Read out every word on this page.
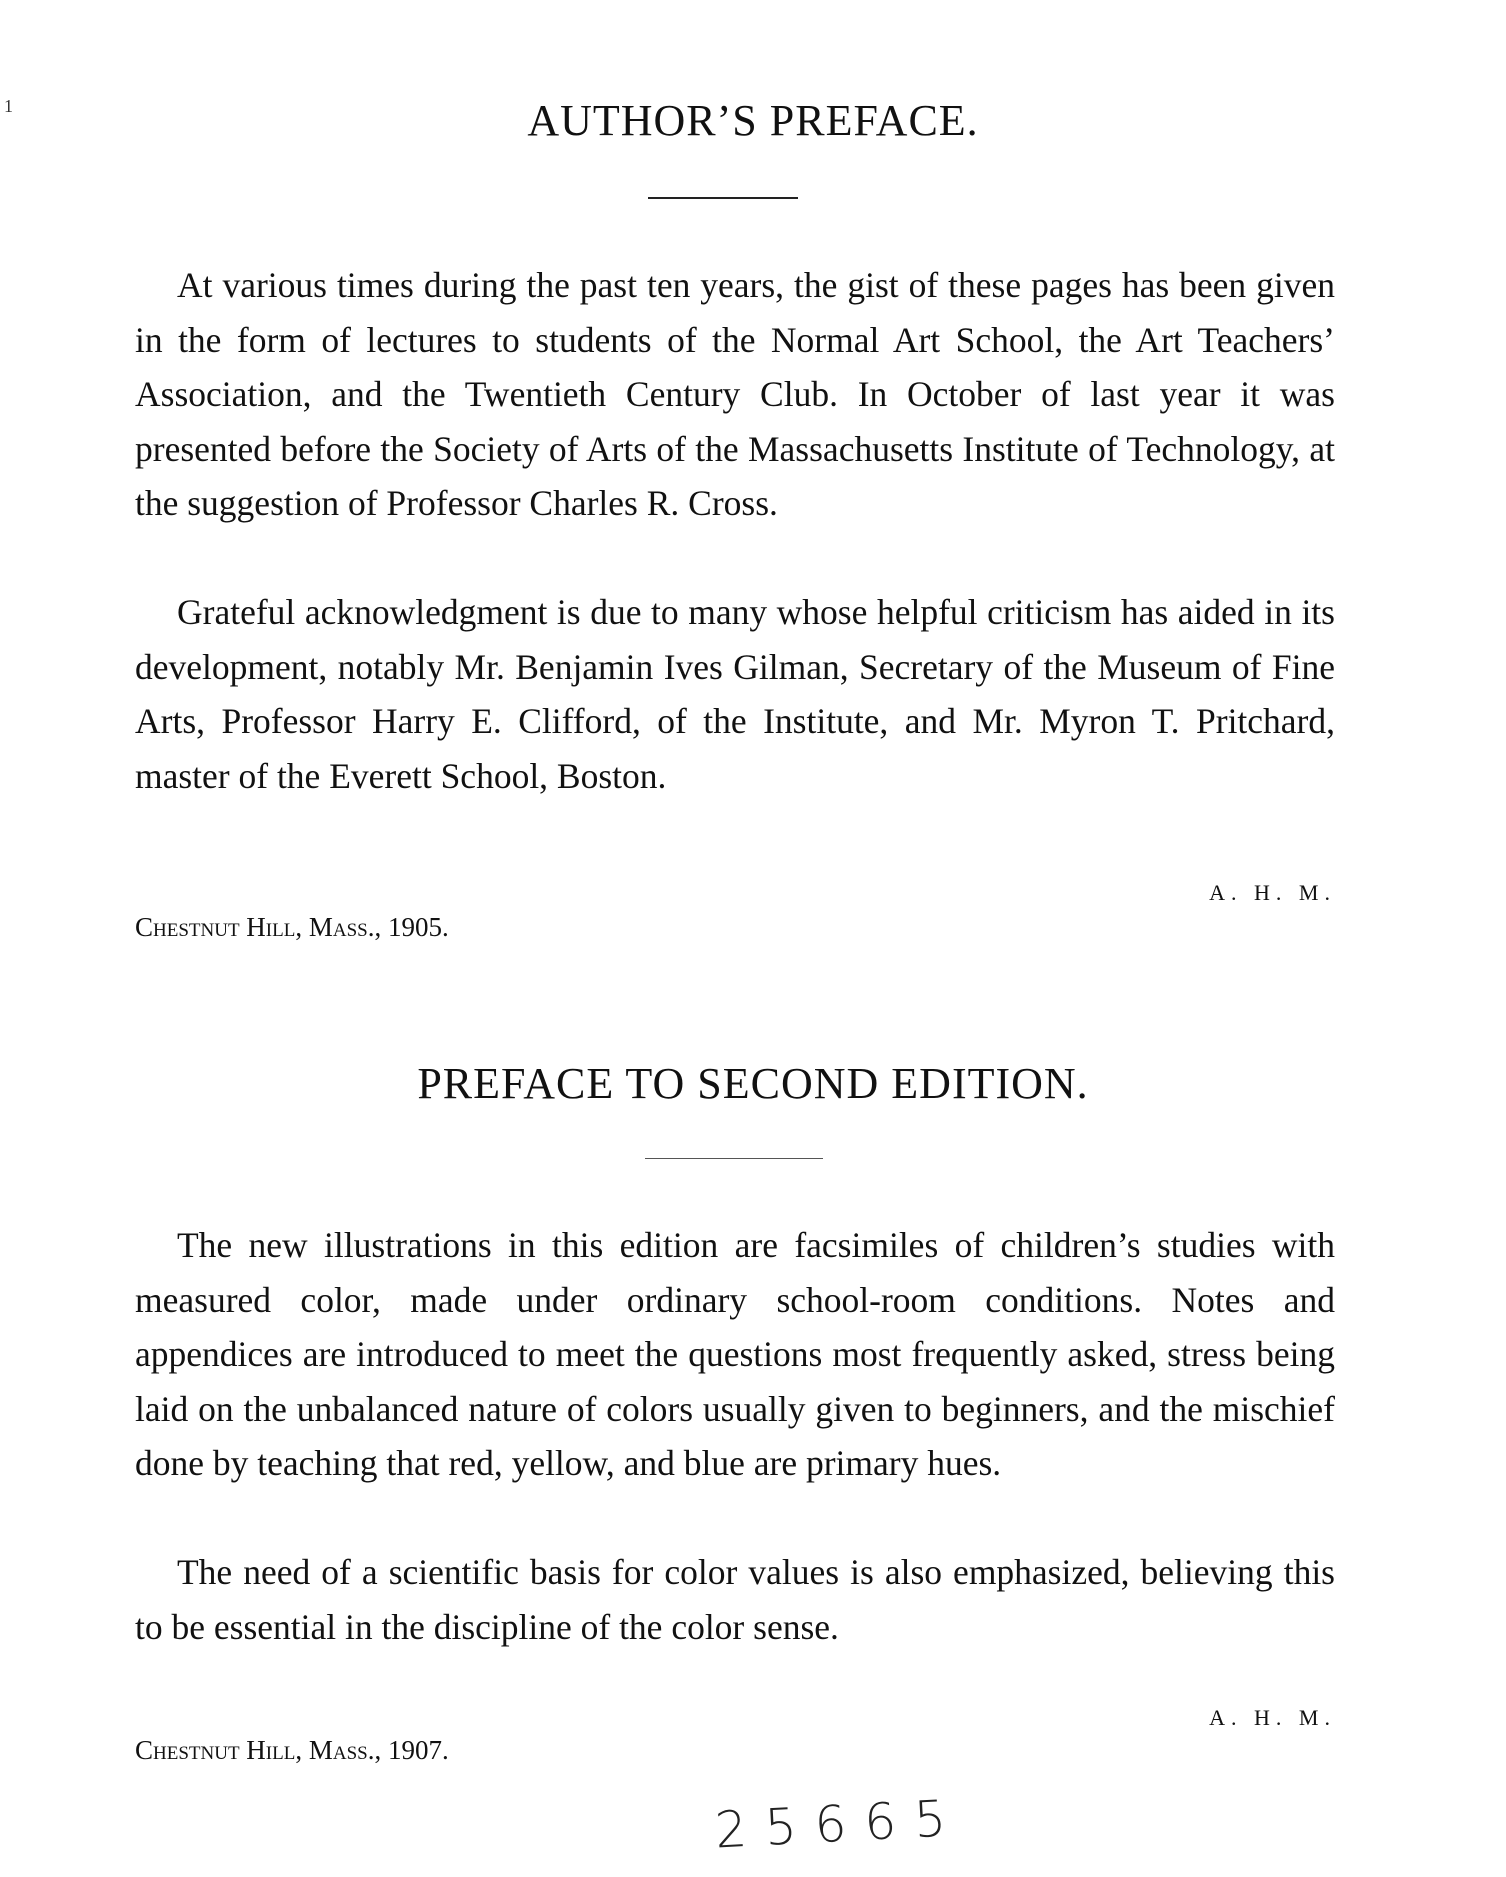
1	AUTHOR’S PREFACE.

At various times during the past ten years, the gist of these pages has been given in the form of lectures to students of the Normal Art School, the Art Teachers’ Association, and the Twentieth Century Club. In October of last year it was presented before the Society of Arts of the Massachusetts Institute of Technology, at the suggestion of Professor Charles R. Cross.

Grateful acknowledgment is due to many whose helpful criticism has aided in its development, notably Mr. Benjamin Ives Gilman, Secretary of the Museum of Fine Arts, Professor Harry E. Clifford, of the Institute, and Mr. Myron T. Pritchard, master of the Everett School, Boston.

A. H. M.
Chestnut Hill, Mass., 1905.
PREFACE TO SECOND EDITION.

The new illustrations in this edition are facsimiles of children’s studies with measured color, made under ordinary school-room conditions. Notes and appendices are introduced to meet the questions most frequently asked, stress being laid on the unbalanced nature of colors usually given to beginners, and the mischief done by teaching that red, yellow, and blue are primary hues.

The need of a scientific basis for color values is also emphasized, believing this to be essential in the discipline of the color sense.

A. H. M.
Chestnut Hill, Mass., 1907.
25665
